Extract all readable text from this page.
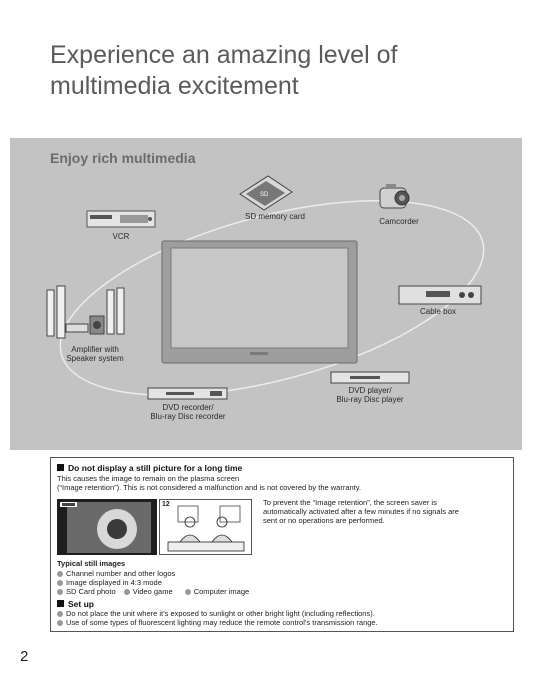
Experience an amazing level of
multimedia excitement
Enjoy rich multimedia
SD
SD memory card
Camcorder
VCR
Cable box
Amplifier with
Speaker system
DVD player/
Blu-ray Disc player
DVD recorder/
Blu-ray Disc recorder
Do not display a still picture for a long time
This causes the image to remain on the plasma screen
(“Image retention”). This is not considered a malfunction and is not covered by the warranty.
12	To prevent the “Image retention”, the screen saver is
automatically activated after a few minutes if no signals are
sent or no operations are performed.
Typical still images
Channel number and other logos
Image displayed in 4:3 mode
SD Card photo Video game	Computer image
Set up
Do not place the unit where it’s exposed to sunlight or other bright light (including reflections).
Use of some types of fluorescent lighting may reduce the remote control’s transmission range.
2
